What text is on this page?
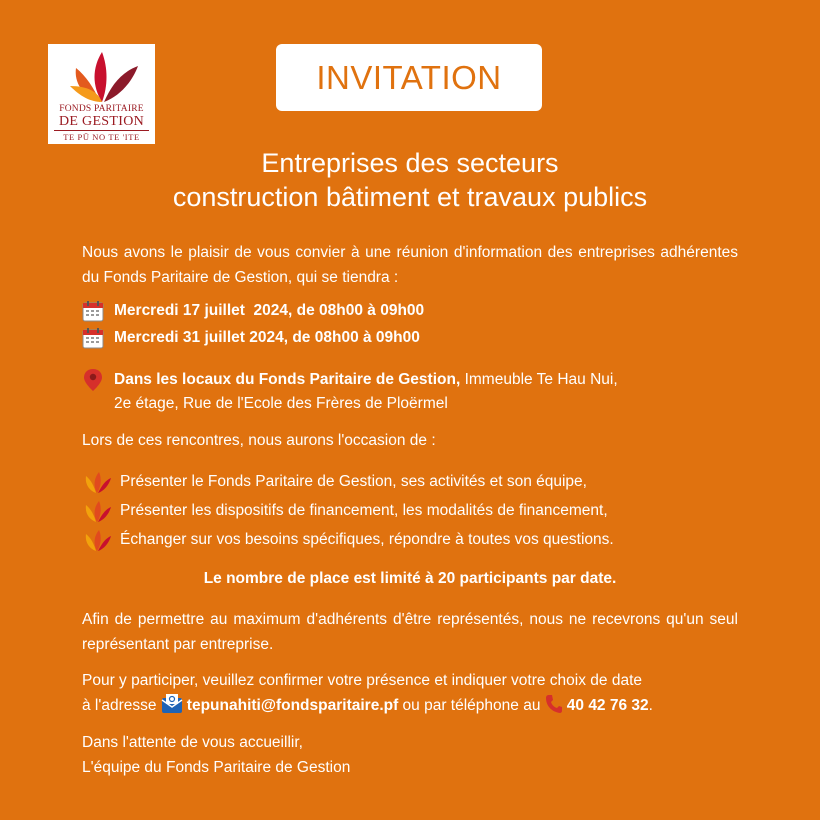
FONDS PARITAIRE
DE GESTION
TE PŪ NO TE 'ITE
INVITATION
Entreprises des secteurs
construction bâtiment et travaux publics
Nous avons le plaisir de vous convier à une réunion d'information des entreprises adhérentes du Fonds Paritaire de Gestion, qui se tiendra :
Mercredi 17 juillet  2024, de 08h00 à 09h00
Mercredi 31 juillet 2024, de 08h00 à 09h00
Dans les locaux du Fonds Paritaire de Gestion, Immeuble Te Hau Nui,
2e étage, Rue de l'Ecole des Frères de Ploërmel
Lors de ces rencontres, nous aurons l'occasion de :
Présenter le Fonds Paritaire de Gestion, ses activités et son équipe,
Présenter les dispositifs de financement, les modalités de financement,
Échanger sur vos besoins spécifiques, répondre à toutes vos questions.
Le nombre de place est limité à 20 participants par date.
Afin de permettre au maximum d'adhérents d'être représentés, nous ne recevrons qu'un seul représentant par entreprise.
Pour y participer, veuillez confirmer votre présence et indiquer votre choix de date
à l'adresse tepunahiti@fondsparitaire.pf ou par téléphone au 40 42 76 32.
Dans l'attente de vous accueillir,
L'équipe du Fonds Paritaire de Gestion
